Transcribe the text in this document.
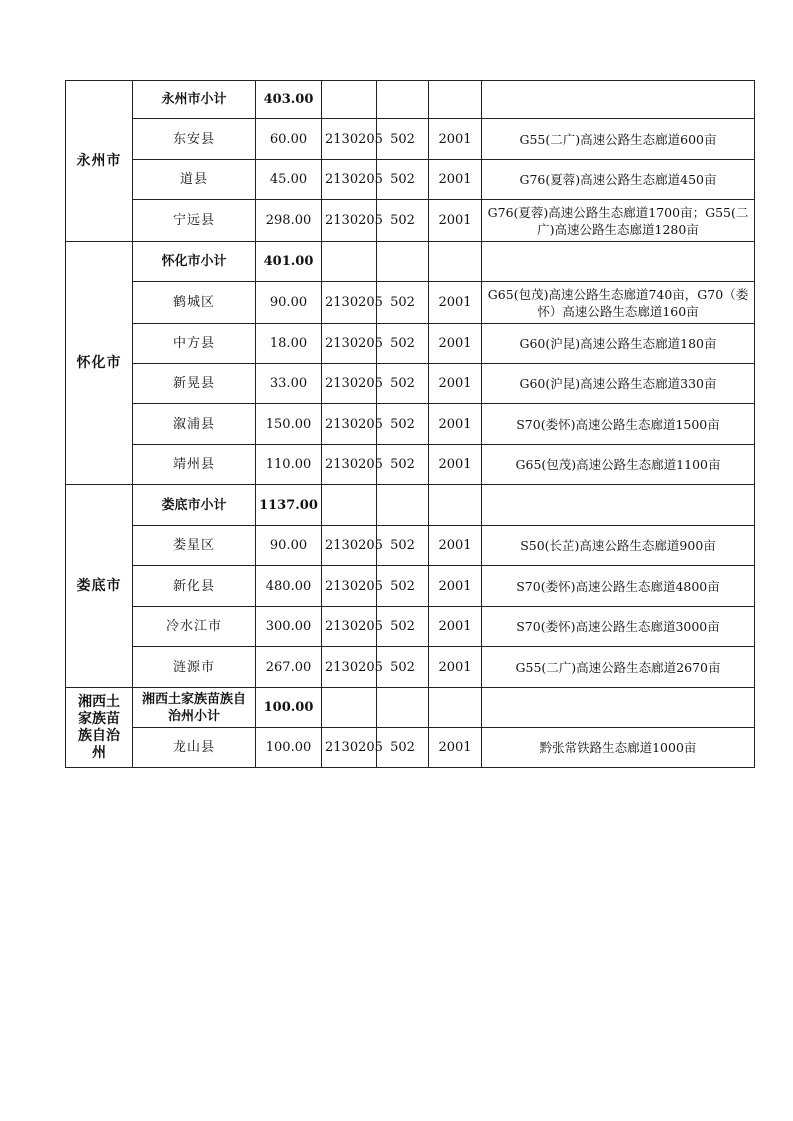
永州市	永州市小计	403.00				
	东安县	60.00	2130205	502	2001	G55(二广)高速公路生态廊道600亩
	道县	45.00	2130205	502	2001	G76(夏蓉)高速公路生态廊道450亩
	宁远县	298.00	2130205	502	2001	G76(夏蓉)高速公路生态廊道1700亩；G55(二广)高速公路生态廊道1280亩
怀化市	怀化市小计	401.00				
	鹤城区	90.00	2130205	502	2001	G65(包茂)高速公路生态廊道740亩，G70（娄怀）高速公路生态廊道160亩
	中方县	18.00	2130205	502	2001	G60(沪昆)高速公路生态廊道180亩
	新晃县	33.00	2130205	502	2001	G60(沪昆)高速公路生态廊道330亩
	溆浦县	150.00	2130205	502	2001	S70(娄怀)高速公路生态廊道1500亩
	靖州县	110.00	2130205	502	2001	G65(包茂)高速公路生态廊道1100亩
娄底市	娄底市小计	1137.00				
	娄星区	90.00	2130205	502	2001	S50(长芷)高速公路生态廊道900亩
	新化县	480.00	2130205	502	2001	S70(娄怀)高速公路生态廊道4800亩
	冷水江市	300.00	2130205	502	2001	S70(娄怀)高速公路生态廊道3000亩
	涟源市	267.00	2130205	502	2001	G55(二广)高速公路生态廊道2670亩

湘西土家族苗族自治州	湘西土家族苗族自治州小计	100.00				
	龙山县	100.00	2130205	502	2001	黔张常铁路生态廊道1000亩
